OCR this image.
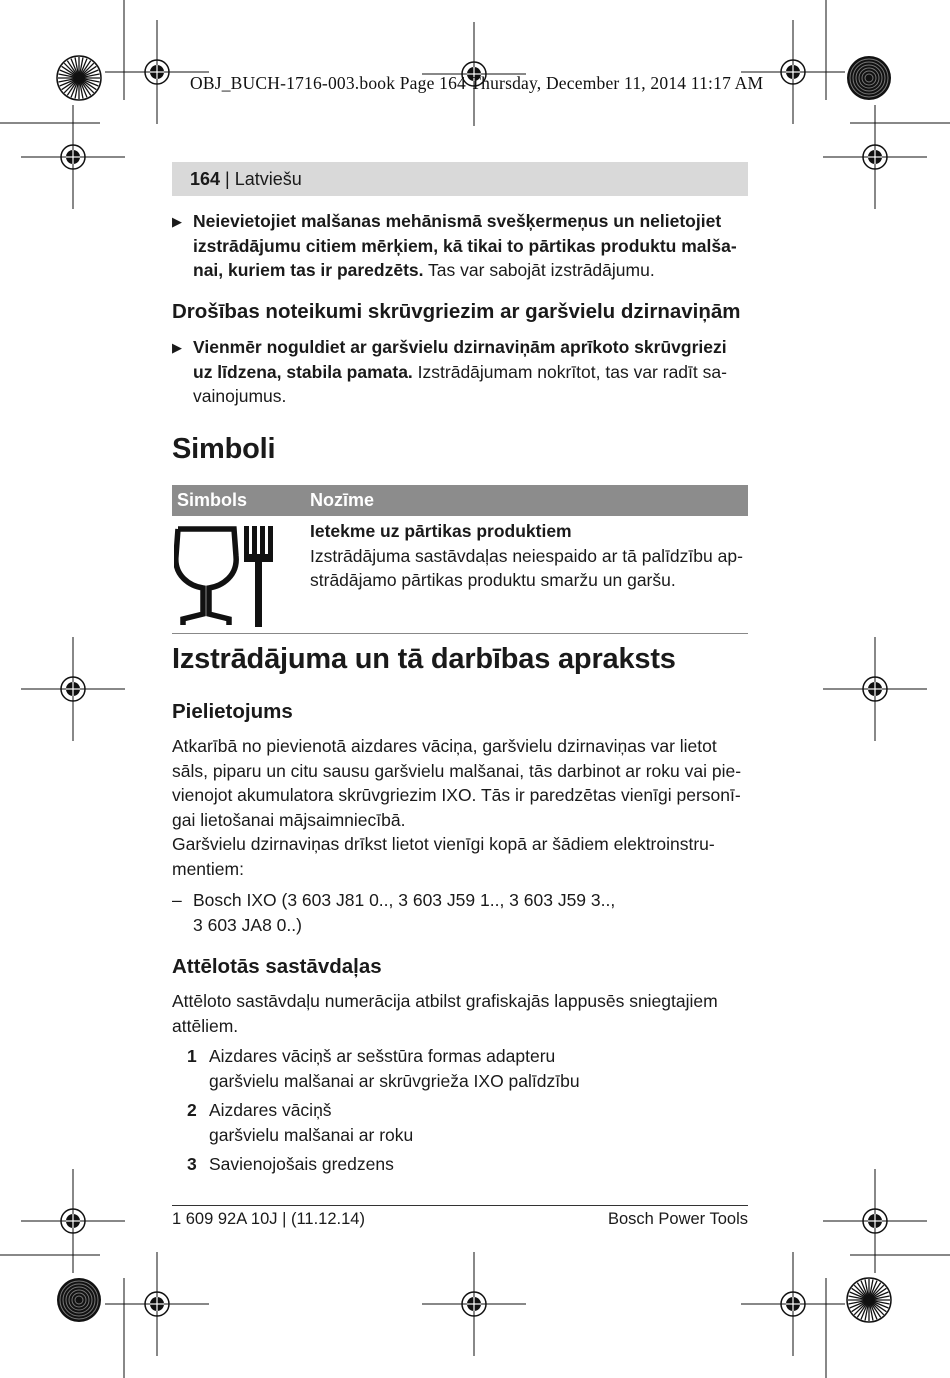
OBJ_BUCH-1716-003.book Page 164 Thursday, December 11, 2014 11:17 AM
164 | Latviešu
▶ Neievietojiet malšanas mehānismā svešķermeņus un nelietojiet
izstrādājumu citiem mērķiem, kā tikai to pārtikas produktu malša-
nai, kuriem tas ir paredzēts. Tas var sabojāt izstrādājumu.
Drošības noteikumi skrūvgriezim ar garšvielu dzirnaviņām
▶ Vienmēr noguldiet ar garšvielu dzirnaviņām aprīkoto skrūvgriezi
uz līdzena, stabila pamata. Izstrādājumam nokrītot, tas var radīt sa-
vainojumus.
Simboli
Simbols	Nozīme
Ietekme uz pārtikas produktiem
Izstrādājuma sastāvdaļas neiespaido ar tā palīdzību ap-
strādājamo pārtikas produktu smaržu un garšu.
Izstrādājuma un tā darbības apraksts
Pielietojums
Atkarībā no pievienotā aizdares vāciņa, garšvielu dzirnaviņas var lietot
sāls, piparu un citu sausu garšvielu malšanai, tās darbinot ar roku vai pie-
vienojot akumulatora skrūvgriezim IXO. Tās ir paredzētas vienīgi personī-
gai lietošanai mājsaimniecībā.
Garšvielu dzirnaviņas drīkst lietot vienīgi kopā ar šādiem elektroinstru-
mentiem:
– Bosch IXO (3 603 J81 0.., 3 603 J59 1.., 3 603 J59 3..,
3 603 JA8 0..)
Attēlotās sastāvdaļas
Attēloto sastāvdaļu numerācija atbilst grafiskajās lappusēs sniegtajiem
attēliem.
1 Aizdares vāciņš ar sešstūra formas adapteru
garšvielu malšanai ar skrūvgrieža IXO palīdzību
2 Aizdares vāciņš
garšvielu malšanai ar roku
3 Savienojošais gredzens
1 609 92A 10J | (11.12.14)	Bosch Power Tools
